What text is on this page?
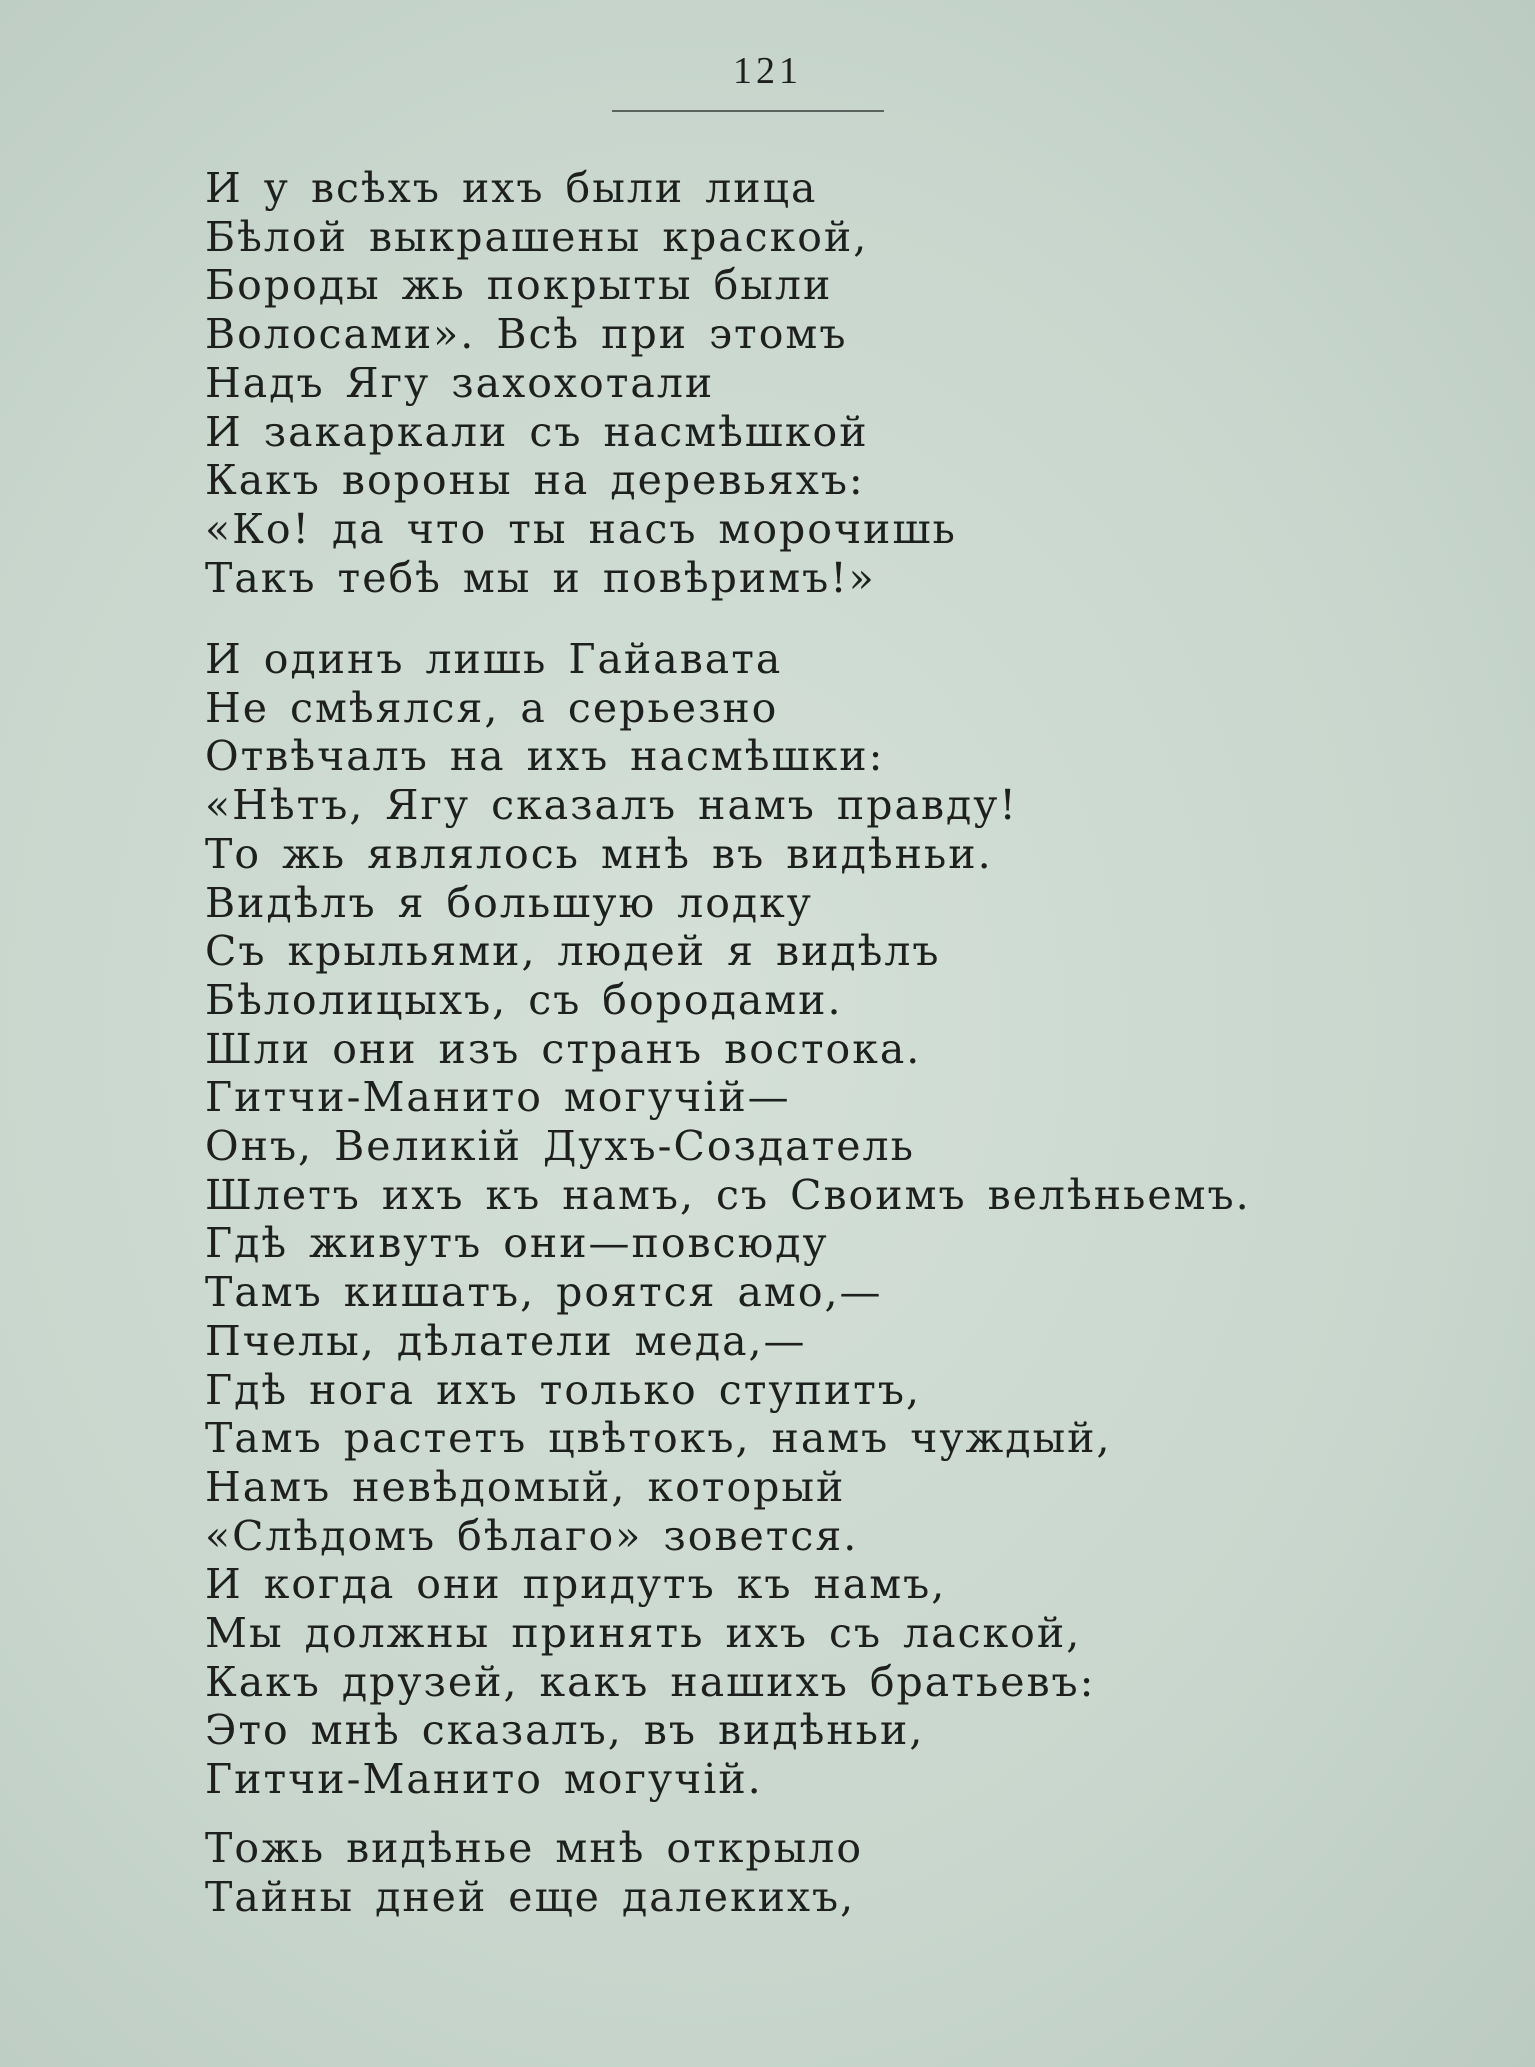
121
И у всѣхъ ихъ были лица
Бѣлой выкрашены краской,
Бороды жь покрыты были
Волосами». Всѣ при этомъ
Надъ Ягу захохотали
И закаркали съ насмѣшкой
Какъ вороны на деревьяхъ:
«Ко! да что ты насъ морочишь
Такъ тебѣ мы и повѣримъ!»
И одинъ лишь Гайавата
Не смѣялся, а серьезно
Отвѣчалъ на ихъ насмѣшки:
«Нѣтъ, Ягу сказалъ намъ правду!
То жь являлось мнѣ въ видѣньи.
Видѣлъ я большую лодку
Съ крыльями, людей я видѣлъ
Бѣлолицыхъ, съ бородами.
Шли они изъ странъ востока.
Гитчи-Манито могучій—
Онъ, Великій Духъ-Создатель
Шлетъ ихъ къ намъ, съ Своимъ велѣньемъ.
Гдѣ живутъ они—повсюду
Тамъ кишатъ, роятся амо,—
Пчелы, дѣлатели меда,—
Гдѣ нога ихъ только ступитъ,
Тамъ растетъ цвѣтокъ, намъ чуждый,
Намъ невѣдомый, который
«Слѣдомъ бѣлаго» зовется.
И когда они придутъ къ намъ,
Мы должны принять ихъ съ лаской,
Какъ друзей, какъ нашихъ братьевъ:
Это мнѣ сказалъ, въ видѣньи,
Гитчи-Манито могучій.
Тожь видѣнье мнѣ открыло
Тайны дней еще далекихъ,
